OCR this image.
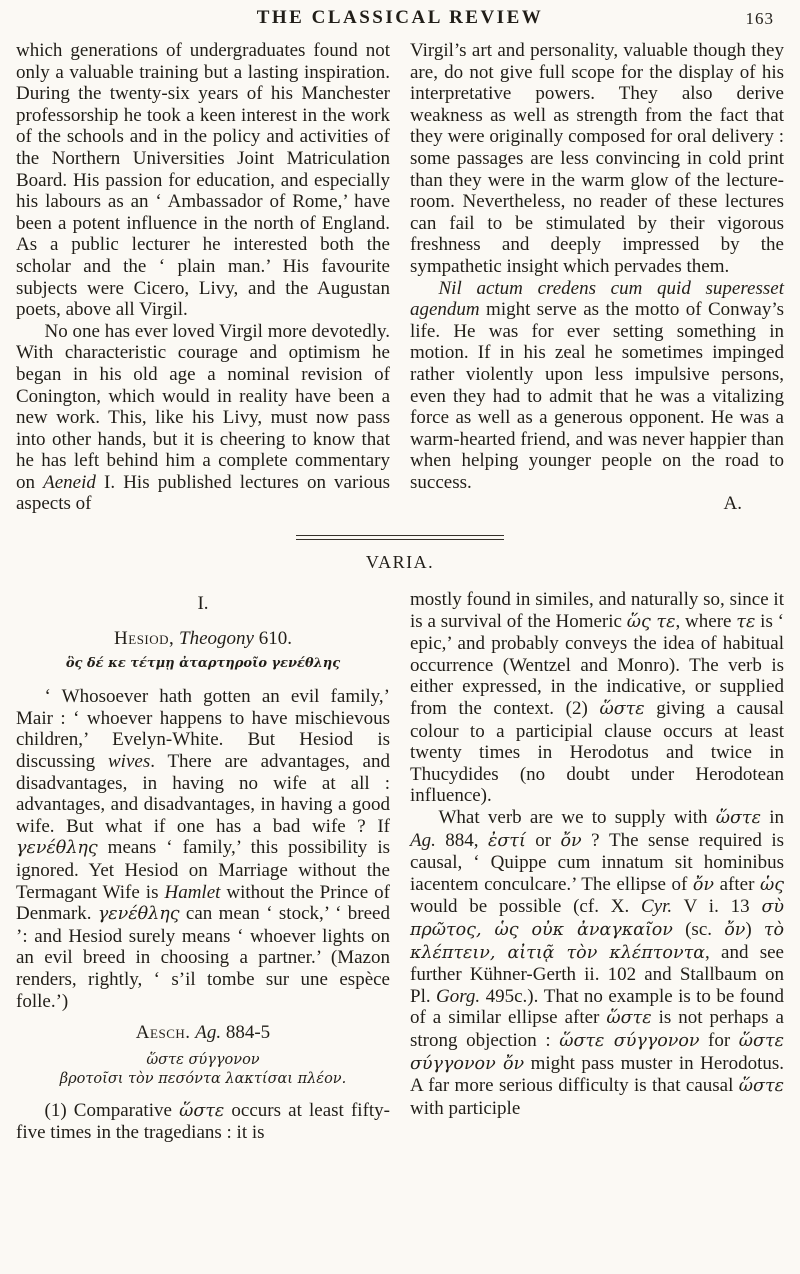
THE CLASSICAL REVIEW	163

which generations of undergraduates found not only a valuable training but a lasting inspiration. During the twenty-six years of his Manchester professorship he took a keen interest in the work of the schools and in the policy and activities of the Northern Universities Joint Matriculation Board. His passion for education, and especially his labours as an ‘ Ambassador of Rome,’ have been a potent influence in the north of England. As a public lecturer he interested both the scholar and the ‘ plain man.’ His favourite subjects were Cicero, Livy, and the Augustan poets, above all Virgil.

No one has ever loved Virgil more devotedly. With characteristic courage and optimism he began in his old age a nominal revision of Conington, which would in reality have been a new work. This, like his Livy, must now pass into other hands, but it is cheering to know that he has left behind him a complete commentary on Aeneid I. His published lectures on various aspects of

Virgil’s art and personality, valuable though they are, do not give full scope for the display of his interpretative powers. They also derive weakness as well as strength from the fact that they were originally composed for oral delivery : some passages are less convincing in cold print than they were in the warm glow of the lecture-room. Nevertheless, no reader of these lectures can fail to be stimulated by their vigorous freshness and deeply impressed by the sympathetic insight which pervades them.

Nil actum credens cum quid superesset agendum might serve as the motto of Conway’s life. He was for ever setting something in motion. If in his zeal he sometimes impinged rather violently upon less impulsive persons, even they had to admit that he was a vitalizing force as well as a generous opponent. He was a warm-hearted friend, and was never happier than when helping younger people on the road to success.

A.

VARIA.
I.
Hesiod, Theogony 610.
ὃς δέ κε τέτμῃ ἀταρτηροῖο γενέθλης

‘ Whosoever hath gotten an evil family,’ Mair : ‘ whoever happens to have mischievous children,’ Evelyn-White. But Hesiod is discussing wives. There are advantages, and disadvantages, in having no wife at all : advantages, and disadvantages, in having a good wife. But what if one has a bad wife ? If γενέθλης means ‘ family,’ this possibility is ignored. Yet Hesiod on Marriage without the Termagant Wife is Hamlet without the Prince of Denmark. γενέθλης can mean ‘ stock,’ ‘ breed ’: and Hesiod surely means ‘ whoever lights on an evil breed in choosing a partner.’ (Mazon renders, rightly, ‘ s’il tombe sur une espèce folle.’)

Aesch. Ag. 884-5
ὥστε σύγγονον
βροτοῖσι τὸν πεσόντα λακτίσαι πλέον.

(1) Comparative ὥστε occurs at least fifty-five times in the tragedians : it is

mostly found in similes, and naturally so, since it is a survival of the Homeric ὥς τε, where τε is ‘ epic,’ and probably conveys the idea of habitual occurrence (Wentzel and Monro). The verb is either expressed, in the indicative, or supplied from the context. (2) ὥστε giving a causal colour to a participial clause occurs at least twenty times in Herodotus and twice in Thucydides (no doubt under Herodotean influence).

What verb are we to supply with ὥστε in Ag. 884, ἐστί or ὄν ? The sense required is causal, ‘ Quippe cum innatum sit hominibus iacentem conculcare.’ The ellipse of ὄν after ὡς would be possible (cf. X. Cyr. V i. 13 σὺ πρῶτος, ὡς οὐκ ἀναγκαῖον (sc. ὄν) τὸ κλέπτειν, αἰτιᾷ τὸν κλέπτοντα, and see further Kühner-Gerth ii. 102 and Stallbaum on Pl. Gorg. 495c.). That no example is to be found of a similar ellipse after ὥστε is not perhaps a strong objection : ὥστε σύγγονον for ὥστε σύγγονον ὄν might pass muster in Herodotus. A far more serious difficulty is that causal ὥστε with participle
